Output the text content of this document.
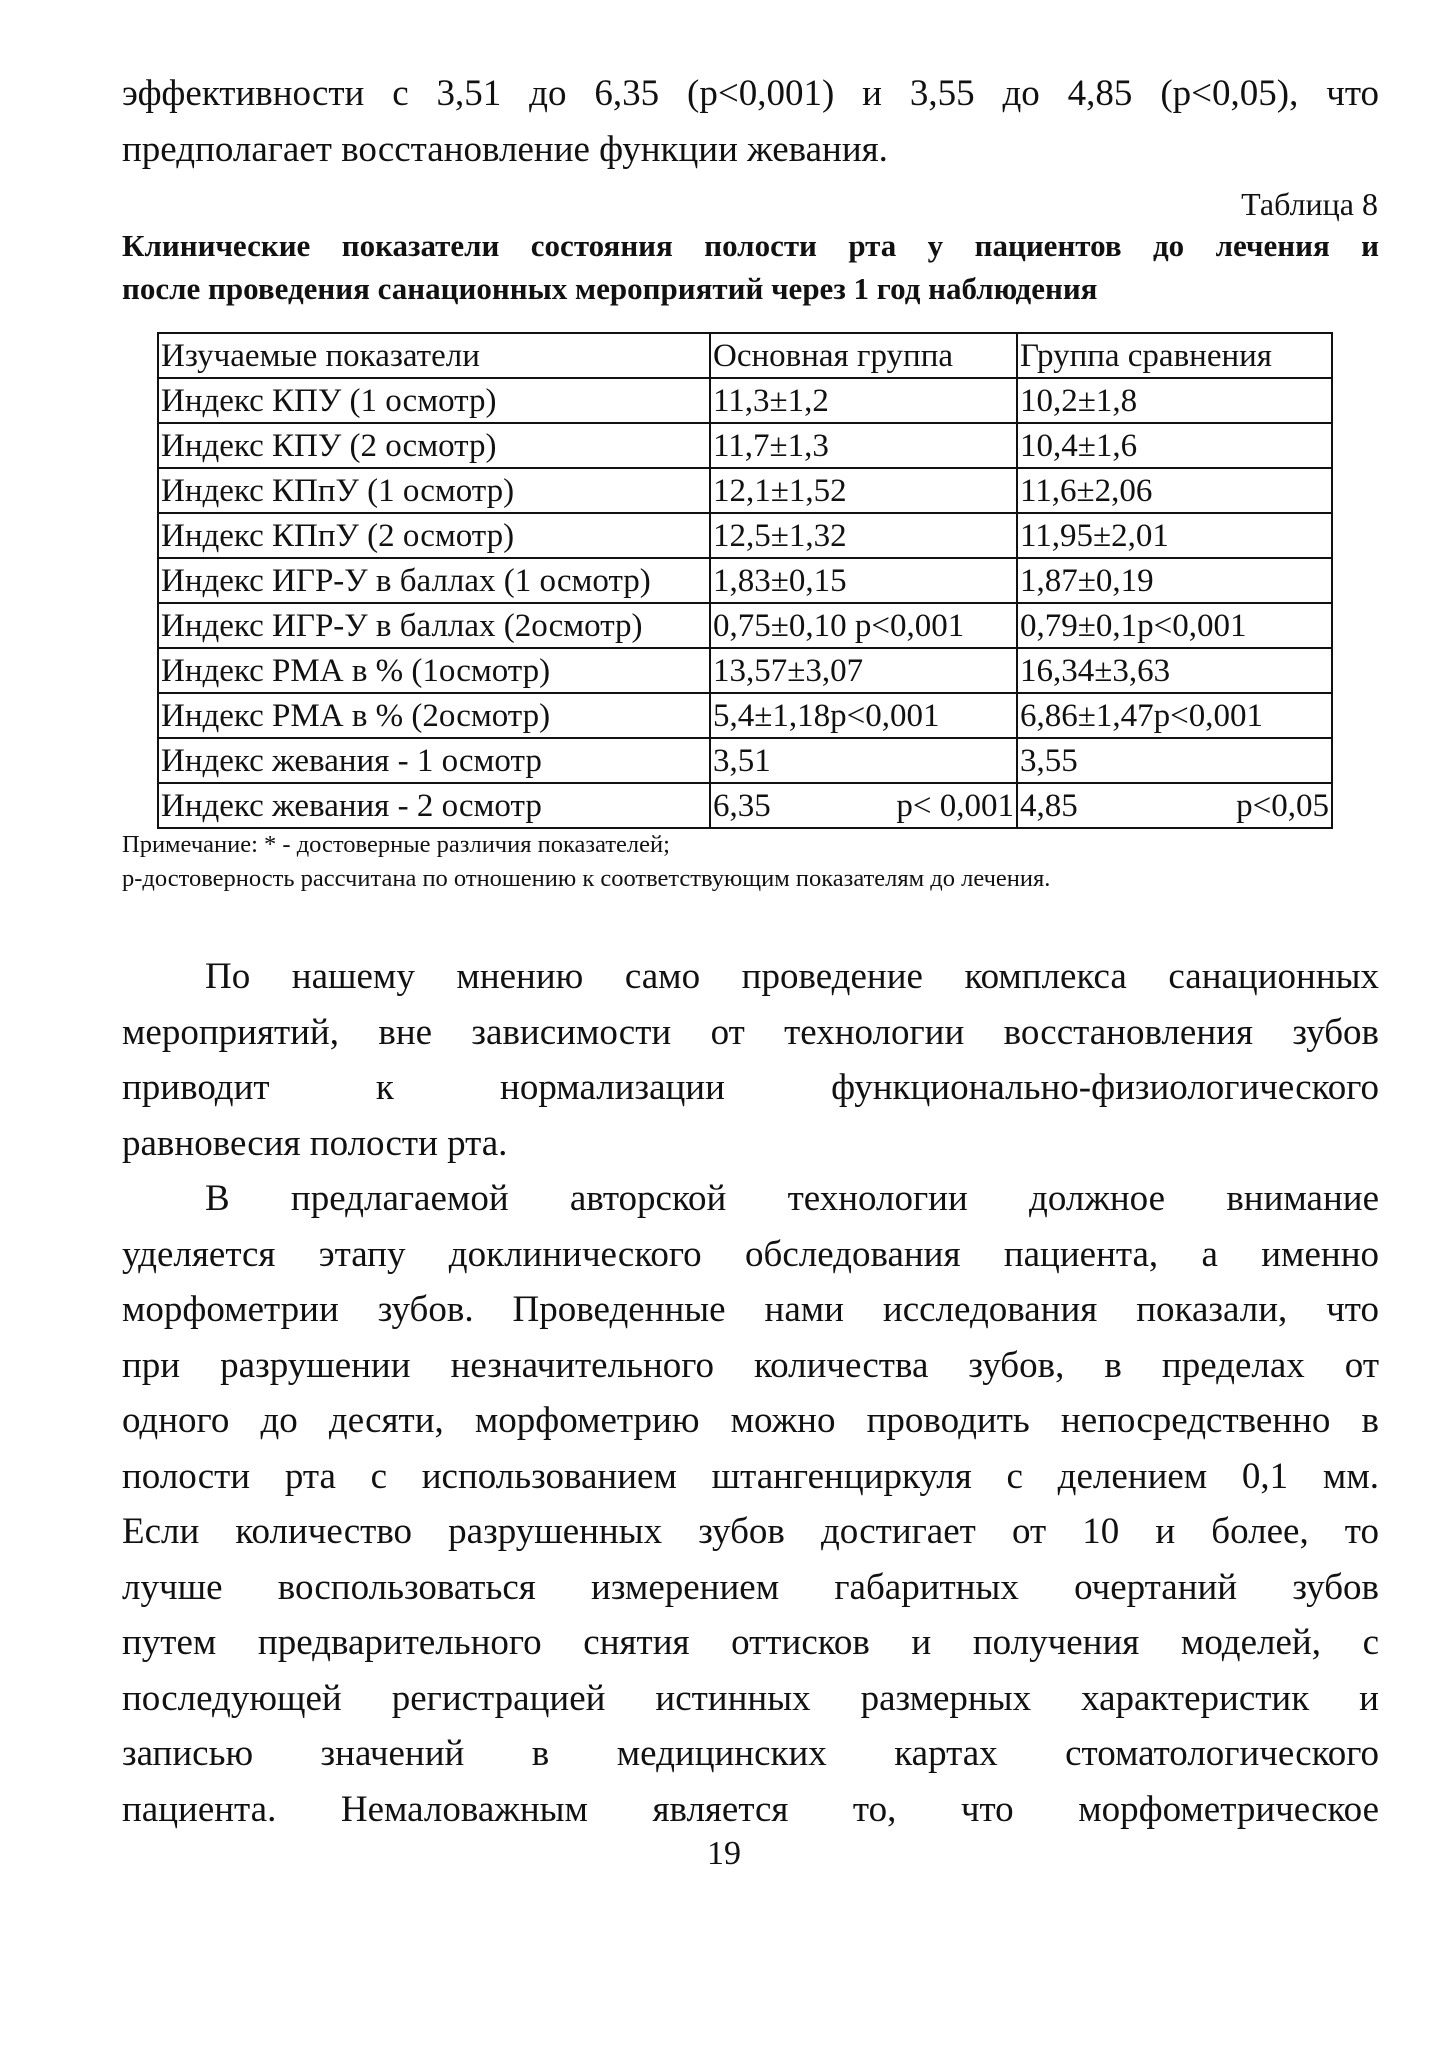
эффективности с 3,51 до 6,35 (р<0,001) и 3,55 до 4,85 (р<0,05), что
предполагает восстановление функции жевания.
Таблица 8
Клинические показатели состояния полости рта у пациентов до лечения и
после проведения санационных мероприятий через 1 год наблюдения
Изучаемые показатели	Основная группа	Группа сравнения
Индекс КПУ (1 осмотр)	11,3±1,2	10,2±1,8
Индекс КПУ (2 осмотр)	11,7±1,3	10,4±1,6
Индекс КПпУ (1 осмотр)	12,1±1,52	11,6±2,06
Индекс КПпУ (2 осмотр)	12,5±1,32	11,95±2,01
Индекс ИГР-У в баллах (1 осмотр)	1,83±0,15	1,87±0,19
Индекс ИГР-У в баллах (2осмотр)	0,75±0,10 р<0,001	0,79±0,1р<0,001
Индекс РМА в % (1осмотр)	13,57±3,07	16,34±3,63
Индекс РМА в % (2осмотр)	5,4±1,18р<0,001	6,86±1,47р<0,001
Индекс жевания - 1 осмотр	3,51	3,55
Индекс жевания - 2 осмотр	6,35 р< 0,001	4,85 р<0,05

Примечание: * - достоверные различия показателей;

р-достоверность рассчитана по отношению к соответствующим показателям до лечения.

По нашему мнению само проведение комплекса санационных
мероприятий, вне зависимости от технологии восстановления зубов
приводит к нормализации функционально-физиологического
равновесия полости рта.
В предлагаемой авторской технологии должное внимание
уделяется этапу доклинического обследования пациента, а именно
морфометрии зубов. Проведенные нами исследования показали, что
при разрушении незначительного количества зубов, в пределах от
одного до десяти, морфометрию можно проводить непосредственно в
полости рта с использованием штангенциркуля с делением 0,1 мм.
Если количество разрушенных зубов достигает от 10 и более, то
лучше воспользоваться измерением габаритных очертаний зубов
путем предварительного снятия оттисков и получения моделей, с
последующей регистрацией истинных размерных характеристик и
записью значений в медицинских картах стоматологического
пациента. Немаловажным является то, что морфометрическое
19
